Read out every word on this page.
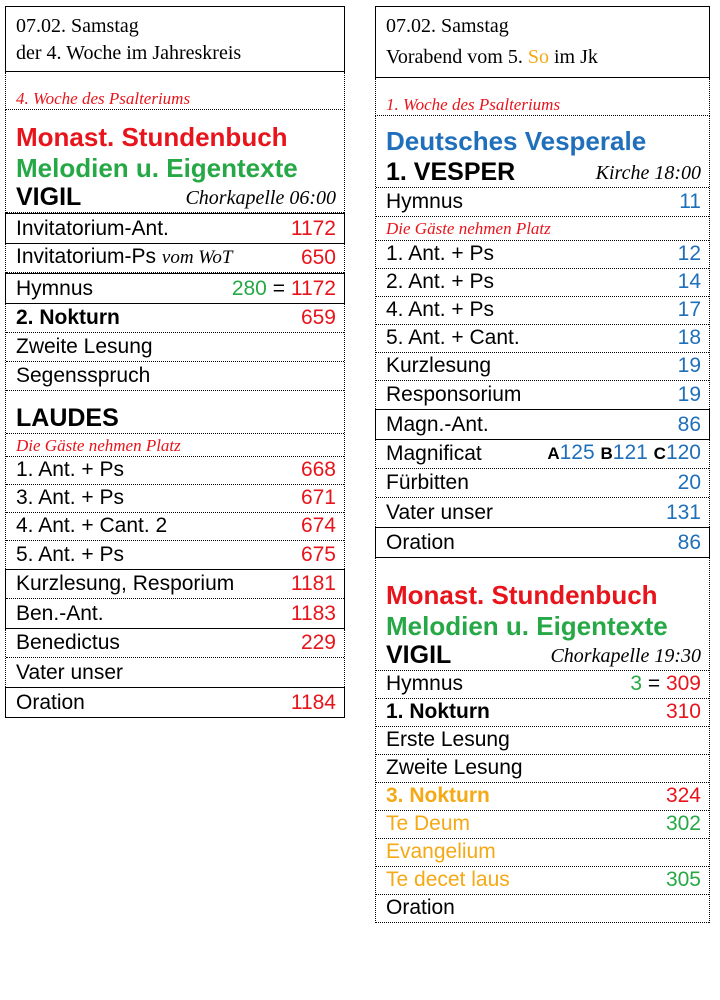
07.02. Samstag
der 4. Woche im Jahreskreis
4. Woche des Psalteriums
Monast. Stundenbuch
Melodien u. Eigentexte
VIGIL	Chorkapelle 06:00
Invitatorium-Ant.	1172
Invitatorium-Ps vom WoT	650
Hymnus	280 = 1172
2. Nokturn	659
Zweite Lesung
Segensspruch
LAUDES
Die Gäste nehmen Platz
1. Ant. + Ps	668
3. Ant. + Ps	671
4. Ant. + Cant. 2	674
5. Ant. + Ps	675
Kurzlesung, Resporium	1181
Ben.-Ant.	1183
Benedictus	229
Vater unser
Oration	1184
07.02. Samstag
Vorabend vom 5. So im Jk
1. Woche des Psalteriums
Deutsches Vesperale
1. VESPER	Kirche 18:00
Hymnus	11
Die Gäste nehmen Platz
1. Ant. + Ps	12
2. Ant. + Ps	14
4. Ant. + Ps	17
5. Ant. + Cant.	18
Kurzlesung	19
Responsorium	19
Magn.-Ant.	86
Magnificat	A125 B121 C120
Fürbitten	20
Vater unser	131
Oration	86
Monast. Stundenbuch
Melodien u. Eigentexte
VIGIL	Chorkapelle 19:30
Hymnus	3 = 309
1. Nokturn	310
Erste Lesung
Zweite Lesung
3. Nokturn	324
Te Deum	302
Evangelium
Te decet laus	305
Oration
